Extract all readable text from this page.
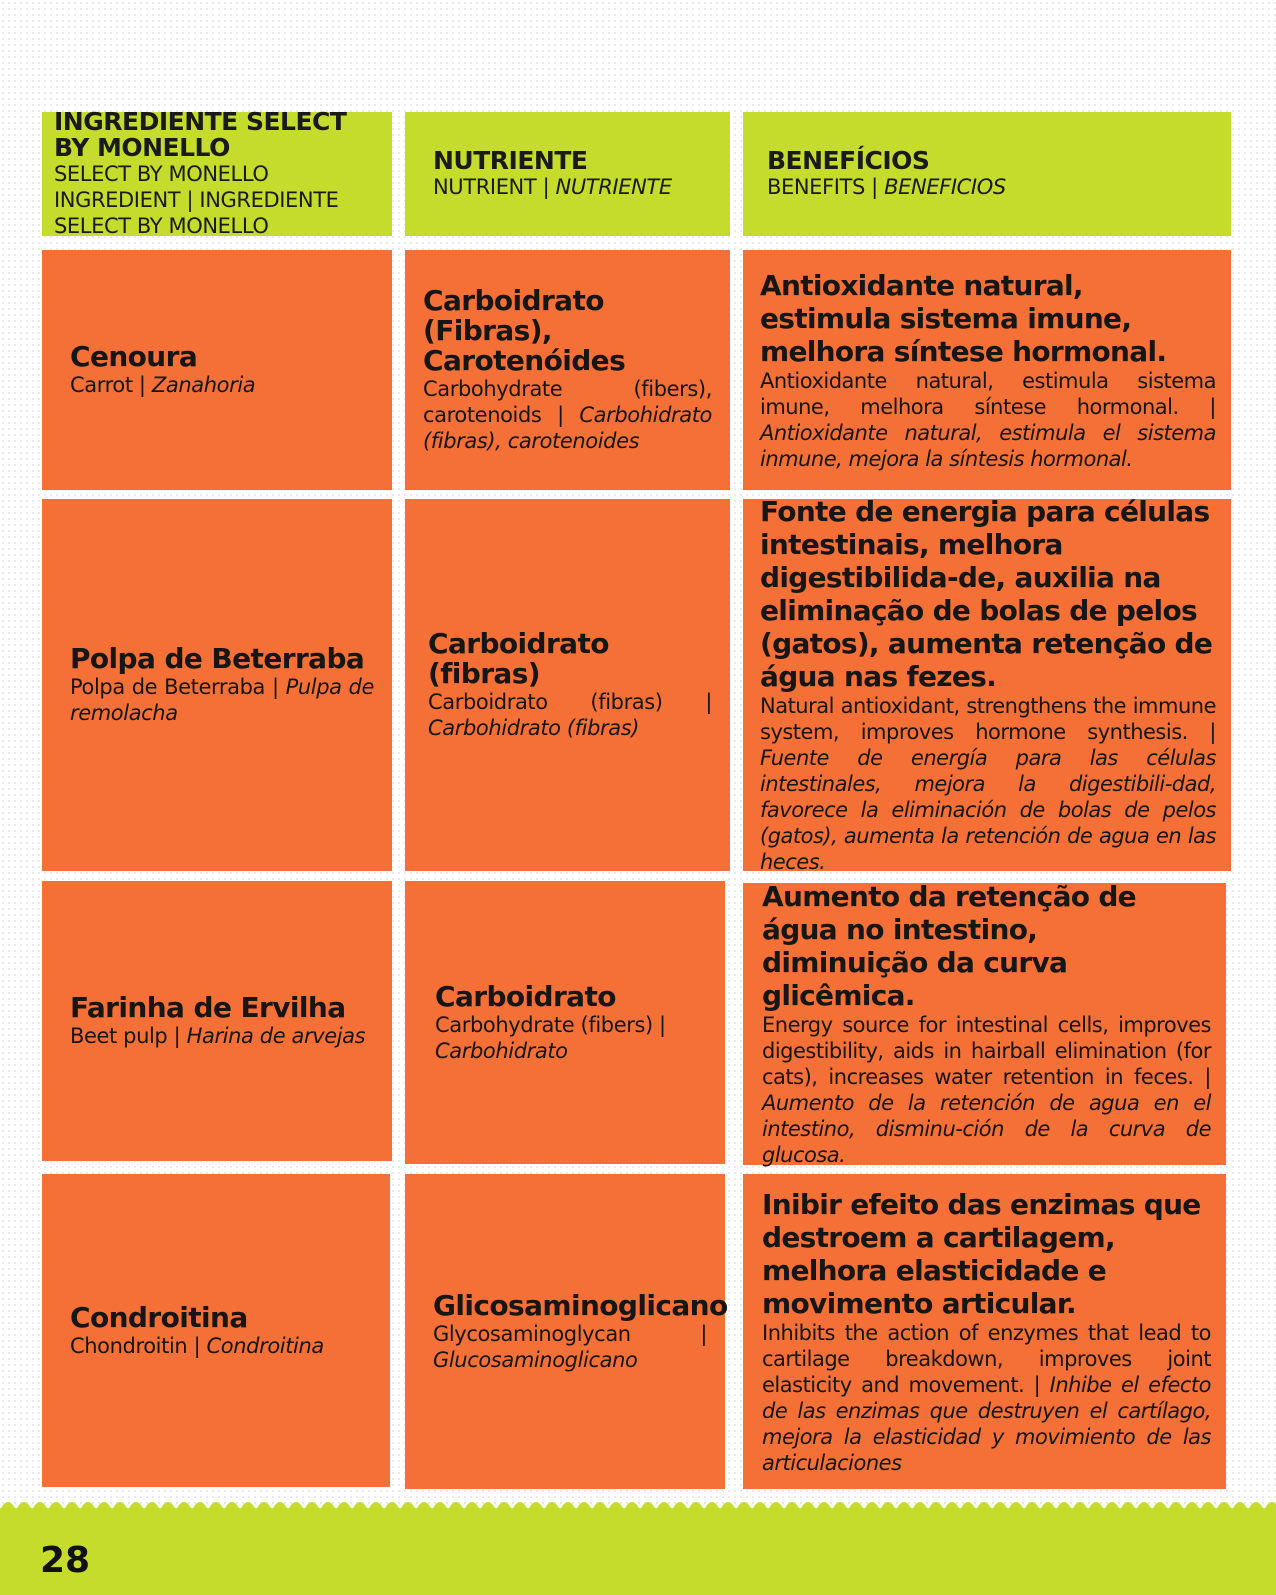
INGREDIENTE SELECT BY MONELLO
SELECT BY MONELLO INGREDIENT | INGREDIENTE SELECT BY MONELLO
NUTRIENTE
NUTRIENT | NUTRIENTE
BENEFÍCIOS
BENEFITS | BENEFICIOS
Cenoura
Carrot | Zanahoria
Carboidrato (Fibras), Carotenóides
Carbohydrate (fibers), carotenoids | Carbohidrato (fibras), carotenoides
Antioxidante natural, estimula sistema imune, melhora síntese hormonal.
Antioxidante natural, estimula sistema imune, melhora síntese hormonal. | Antioxidante natural, estimula el sistema inmune, mejora la síntesis hormonal.
Polpa de Beterraba
Polpa de Beterraba | Pulpa de remolacha
Carboidrato (fibras)
Carboidrato (fibras) | Carbohidrato (fibras)
Fonte de energia para células intestinais, melhora digestibilida-de, auxilia na eliminação de bolas de pelos (gatos), aumenta retenção de água nas fezes.
Natural antioxidant, strengthens the immune system, improves hormone synthesis. | Fuente de energía para las células intestinales, mejora la digestibili-dad, favorece la eliminación de bolas de pelos (gatos), aumenta la retención de agua en las heces.
Farinha de Ervilha
Beet pulp | Harina de arvejas
Carboidrato
Carbohydrate (fibers) | Carbohidrato
Aumento da retenção de água no intestino, diminuição da curva glicêmica.
Energy source for intestinal cells, improves digestibility, aids in hairball elimination (for cats), increases water retention in feces. | Aumento de la retención de agua en el intestino, disminu-ción de la curva de glucosa.
Condroitina
Chondroitin | Condroitina
Glicosaminoglicano
Glycosaminoglycan | Glucosaminoglicano
Inibir efeito das enzimas que destroem a cartilagem, melhora elasticidade e movimento articular.
Inhibits the action of enzymes that lead to cartilage breakdown, improves joint elasticity and movement. | Inhibe el efecto de las enzimas que destruyen el cartílago, mejora la elasticidad y movimiento de las articulaciones
28
